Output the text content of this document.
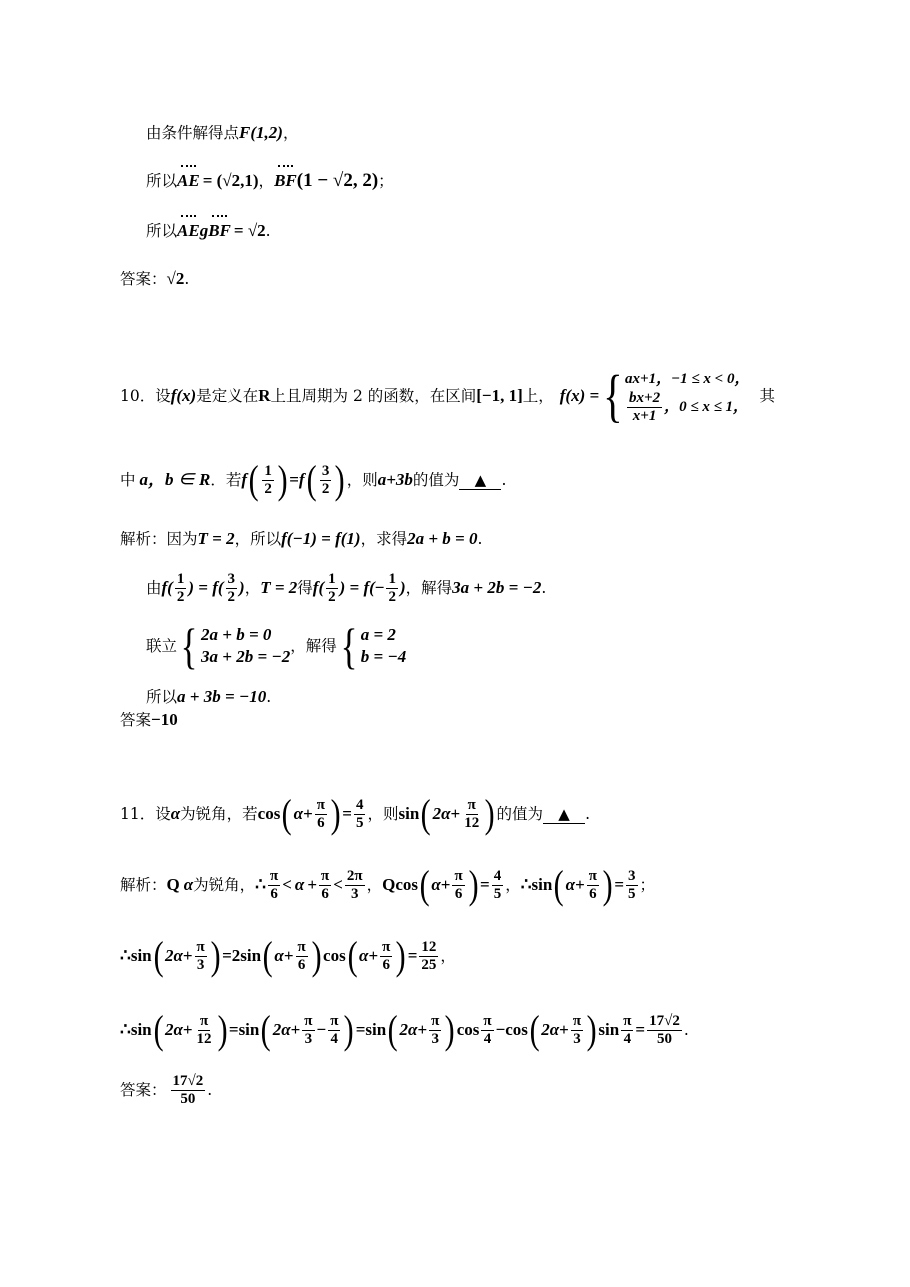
由条件解得点 F(1,2) ，
所以 AE = (√2,1) ， BF (1 − √2, 2) ；
所以 AE g BF = √2 .
答案： √2 .
10．设 f(x) 是定义在 R 上且周期为 2 的函数，在区间 [−1, 1] 上， f(x) = { ax+1，−1 ≤ x < 0，
$\frac{bx+2}{x+1}$ ，0 ≤ x ≤ 1，
其
中 a，b ∈ R ．若 f ( $\frac{1}{2}$ ) = f ( $\frac{3}{2}$ ) ，则 a+3b 的值为	▲ .
解析：因为 T = 2 ，所以 f(−1) = f(1) ，求得 2a + b = 0 .
由 $f( \frac{1}{2}$ ) = $f( \frac{3}{2}$ ) ， T = 2 得 $f( \frac{1}{2}$ ) = $f( - \frac{1}{2}$ ) ，解得 3a + 2b = −2 .
联立 { 2a + b = 0
3a + 2b = −2
，解得 { a = 2
b = −4
所以 a + 3b = −10 .
答案 −10
11．设 α 为锐角，若 cos ( $\alpha + \frac{\pi}{6}$ ) = $\frac{4}{5}$ ，则 sin ( $2\alpha + \frac{\pi}{12}$ ) 的值为	▲ .
解析： Q α 为锐角， ∴ $\frac{\pi}{6} < \alpha + \frac{\pi}{6} < \frac{2\pi}{3}$ ， Q cos ( $\alpha + \frac{\pi}{6}$ ) = $\frac{4}{5}$ ， ∴ sin ( $\alpha + \frac{\pi}{6}$ ) = $\frac{3}{5}$ ；
∴ sin ( $2\alpha + \frac{\pi}{3}$ ) = 2 sin ( $\alpha + \frac{\pi}{6}$ ) cos ( $\alpha + \frac{\pi}{6}$ ) = $\frac{12}{25}$ ，
∴ sin ( $2\alpha + \frac{\pi}{12}$ ) = sin ( $2\alpha + \frac{\pi}{3} - \frac{\pi}{4}$ ) = sin ( $2\alpha + \frac{\pi}{3}$ ) $\cos \frac{\pi}{4} - \cos$ ( $2\alpha + \frac{\pi}{3}$ ) $\sin \frac{\pi}{4} = \frac{17√2}{50}$ .
答案： $\frac{17√2}{50}$ .
